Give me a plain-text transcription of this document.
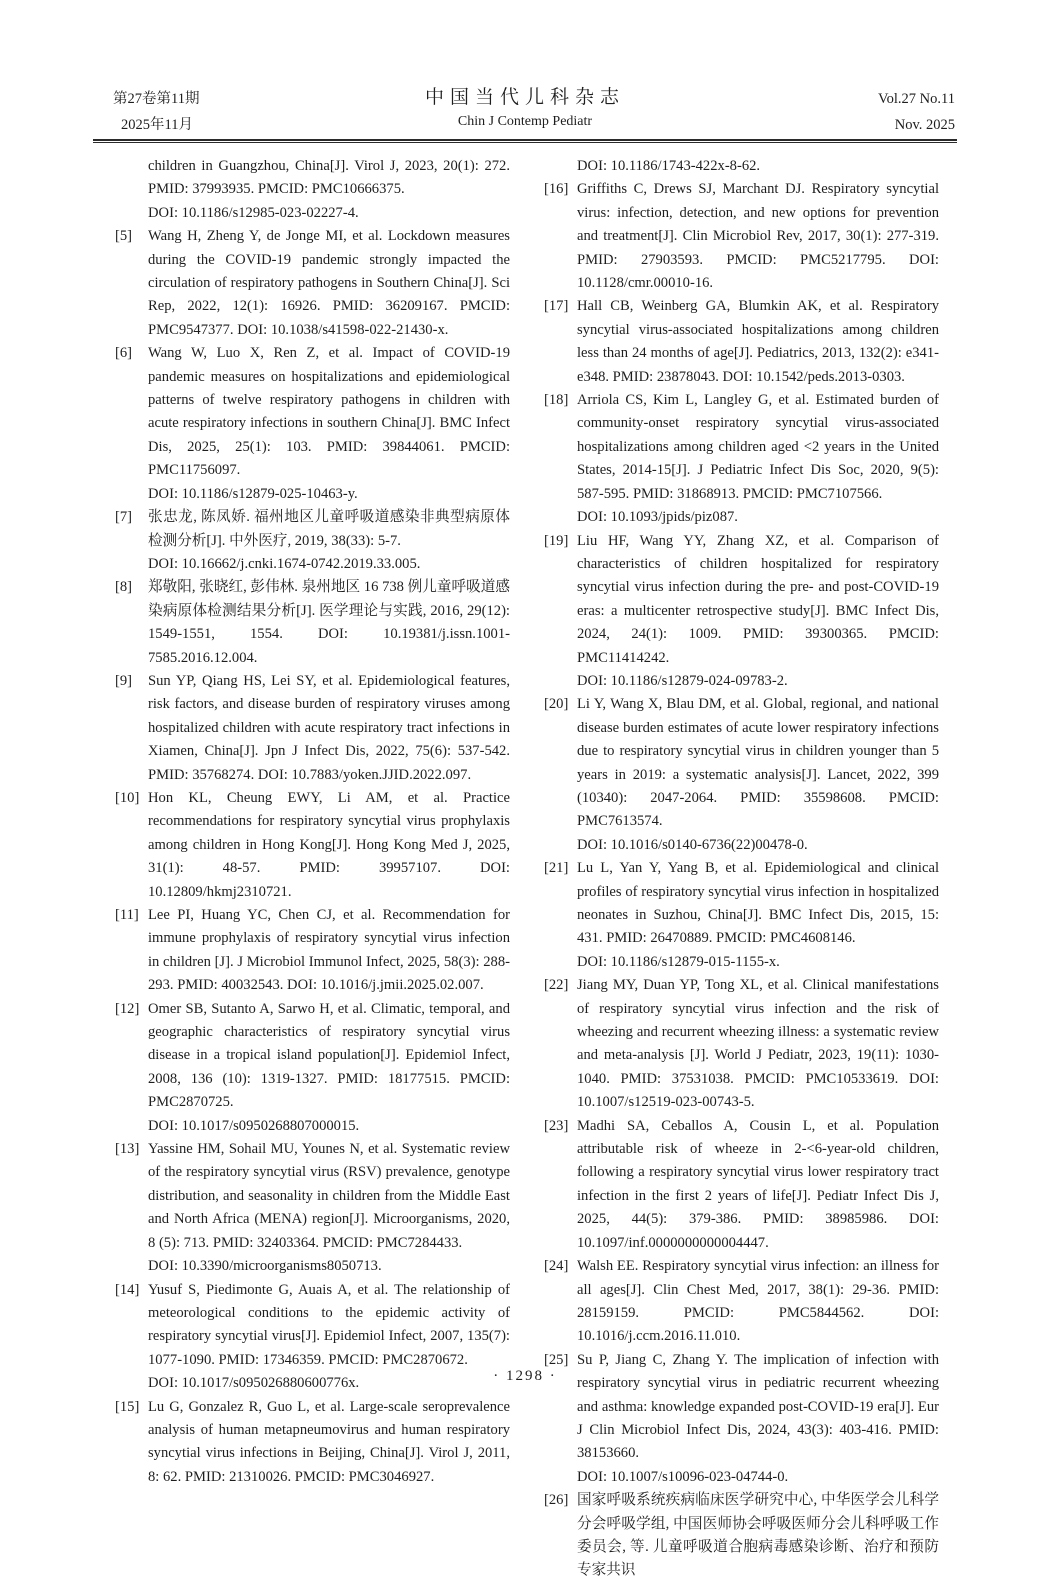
第27卷第11期
2025年11月
中国当代儿科杂志
Chin J Contemp Pediatr
Vol.27 No.11
Nov. 2025
children in Guangzhou, China[J]. Virol J, 2023, 20(1): 272. PMID: 37993935. PMCID: PMC10666375.
DOI: 10.1186/s12985-023-02227-4.
[5]	Wang H, Zheng Y, de Jonge MI, et al. Lockdown measures during the COVID-19 pandemic strongly impacted the circulation of respiratory pathogens in Southern China[J]. Sci Rep, 2022, 12(1): 16926. PMID: 36209167. PMCID: PMC9547377. DOI: 10.1038/s41598-022-21430-x.
[6]	Wang W, Luo X, Ren Z, et al. Impact of COVID-19 pandemic measures on hospitalizations and epidemiological patterns of twelve respiratory pathogens in children with acute respiratory infections in southern China[J]. BMC Infect Dis, 2025, 25(1): 103. PMID: 39844061. PMCID: PMC11756097.
DOI: 10.1186/s12879-025-10463-y.
[7]	张忠龙, 陈凤娇. 福州地区儿童呼吸道感染非典型病原体检测分析[J]. 中外医疗, 2019, 38(33): 5-7.
DOI: 10.16662/j.cnki.1674-0742.2019.33.005.
[8]	郑敬阳, 张晓红, 彭伟林. 泉州地区 16 738 例儿童呼吸道感染病原体检测结果分析[J]. 医学理论与实践, 2016, 29(12): 1549-1551, 1554. DOI: 10.19381/j.issn.1001-7585.2016.12.004.
[9]	Sun YP, Qiang HS, Lei SY, et al. Epidemiological features, risk factors, and disease burden of respiratory viruses among hospitalized children with acute respiratory tract infections in Xiamen, China[J]. Jpn J Infect Dis, 2022, 75(6): 537-542. PMID: 35768274. DOI: 10.7883/yoken.JJID.2022.097.
[10] Hon KL, Cheung EWY, Li AM, et al. Practice recommendations for respiratory syncytial virus prophylaxis among children in Hong Kong[J]. Hong Kong Med J, 2025, 31(1): 48-57. PMID: 39957107. DOI: 10.12809/hkmj2310721.
[11] Lee PI, Huang YC, Chen CJ, et al. Recommendation for immune prophylaxis of respiratory syncytial virus infection in children [J]. J Microbiol Immunol Infect, 2025, 58(3): 288-293. PMID: 40032543. DOI: 10.1016/j.jmii.2025.02.007.
[12] Omer SB, Sutanto A, Sarwo H, et al. Climatic, temporal, and geographic characteristics of respiratory syncytial virus disease in a tropical island population[J]. Epidemiol Infect, 2008, 136 (10): 1319-1327. PMID: 18177515. PMCID: PMC2870725.
DOI: 10.1017/s0950268807000015.
[13] Yassine HM, Sohail MU, Younes N, et al. Systematic review of the respiratory syncytial virus (RSV) prevalence, genotype distribution, and seasonality in children from the Middle East and North Africa (MENA) region[J]. Microorganisms, 2020, 8 (5): 713. PMID: 32403364. PMCID: PMC7284433.
DOI: 10.3390/microorganisms8050713.
[14] Yusuf S, Piedimonte G, Auais A, et al. The relationship of meteorological conditions to the epidemic activity of respiratory syncytial virus[J]. Epidemiol Infect, 2007, 135(7): 1077-1090. PMID: 17346359. PMCID: PMC2870672.
DOI: 10.1017/s095026880600776x.
[15] Lu G, Gonzalez R, Guo L, et al. Large-scale seroprevalence analysis of human metapneumovirus and human respiratory syncytial virus infections in Beijing, China[J]. Virol J, 2011, 8: 62. PMID: 21310026. PMCID: PMC3046927.
DOI: 10.1186/1743-422x-8-62.
[16] Griffiths C, Drews SJ, Marchant DJ. Respiratory syncytial virus: infection, detection, and new options for prevention and treatment[J]. Clin Microbiol Rev, 2017, 30(1): 277-319. PMID: 27903593. PMCID: PMC5217795. DOI: 10.1128/cmr.00010-16.
[17] Hall CB, Weinberg GA, Blumkin AK, et al. Respiratory syncytial virus-associated hospitalizations among children less than 24 months of age[J]. Pediatrics, 2013, 132(2): e341-e348. PMID: 23878043. DOI: 10.1542/peds.2013-0303.
[18] Arriola CS, Kim L, Langley G, et al. Estimated burden of community-onset respiratory syncytial virus-associated hospitalizations among children aged <2 years in the United States, 2014-15[J]. J Pediatric Infect Dis Soc, 2020, 9(5): 587-595. PMID: 31868913. PMCID: PMC7107566.
DOI: 10.1093/jpids/piz087.
[19] Liu HF, Wang YY, Zhang XZ, et al. Comparison of characteristics of children hospitalized for respiratory syncytial virus infection during the pre- and post-COVID-19 eras: a multicenter retrospective study[J]. BMC Infect Dis, 2024, 24(1): 1009. PMID: 39300365. PMCID: PMC11414242.
DOI: 10.1186/s12879-024-09783-2.
[20] Li Y, Wang X, Blau DM, et al. Global, regional, and national disease burden estimates of acute lower respiratory infections due to respiratory syncytial virus in children younger than 5 years in 2019: a systematic analysis[J]. Lancet, 2022, 399 (10340): 2047-2064. PMID: 35598608. PMCID: PMC7613574.
DOI: 10.1016/s0140-6736(22)00478-0.
[21] Lu L, Yan Y, Yang B, et al. Epidemiological and clinical profiles of respiratory syncytial virus infection in hospitalized neonates in Suzhou, China[J]. BMC Infect Dis, 2015, 15: 431. PMID: 26470889. PMCID: PMC4608146.
DOI: 10.1186/s12879-015-1155-x.
[22] Jiang MY, Duan YP, Tong XL, et al. Clinical manifestations of respiratory syncytial virus infection and the risk of wheezing and recurrent wheezing illness: a systematic review and meta-analysis [J]. World J Pediatr, 2023, 19(11): 1030-1040. PMID: 37531038. PMCID: PMC10533619. DOI: 10.1007/s12519-023-00743-5.
[23] Madhi SA, Ceballos A, Cousin L, et al. Population attributable risk of wheeze in 2-<6-year-old children, following a respiratory syncytial virus lower respiratory tract infection in the first 2 years of life[J]. Pediatr Infect Dis J, 2025, 44(5): 379-386. PMID: 38985986. DOI: 10.1097/inf.0000000000004447.
[24] Walsh EE. Respiratory syncytial virus infection: an illness for all ages[J]. Clin Chest Med, 2017, 38(1): 29-36. PMID: 28159159. PMCID: PMC5844562. DOI: 10.1016/j.ccm.2016.11.010.
[25] Su P, Jiang C, Zhang Y. The implication of infection with respiratory syncytial virus in pediatric recurrent wheezing and asthma: knowledge expanded post-COVID-19 era[J]. Eur J Clin Microbiol Infect Dis, 2024, 43(3): 403-416. PMID: 38153660.
DOI: 10.1007/s10096-023-04744-0.
[26] 国家呼吸系统疾病临床医学研究中心, 中华医学会儿科学分会呼吸学组, 中国医师协会呼吸医师分会儿科呼吸工作委员会, 等. 儿童呼吸道合胞病毒感染诊断、治疗和预防专家共识
· 1298 ·
